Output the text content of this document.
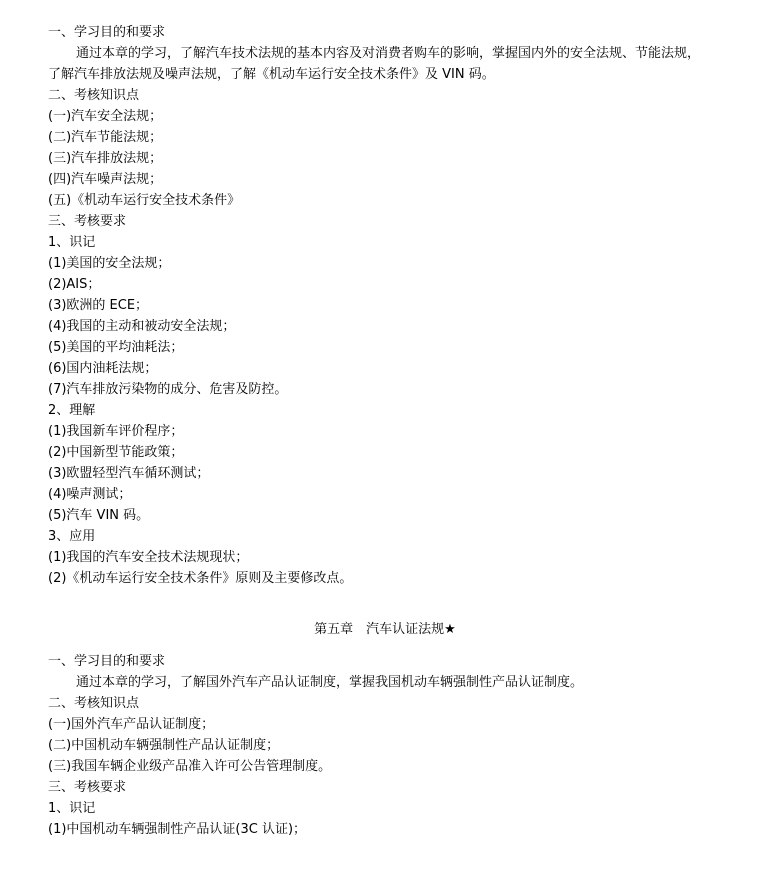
一、学习目的和要求
通过本章的学习，了解汽车技术法规的基本内容及对消费者购车的影响，掌握国内外的安全法规、节能法规，
了解汽车排放法规及噪声法规，了解《机动车运行安全技术条件》及 VIN 码。
二、考核知识点
(一)汽车安全法规；
(二)汽车节能法规；
(三)汽车排放法规；
(四)汽车噪声法规；
(五)《机动车运行安全技术条件》
三、考核要求
1、识记
(1)美国的安全法规；
(2)AIS；
(3)欧洲的 ECE；
(4)我国的主动和被动安全法规；
(5)美国的平均油耗法；
(6)国内油耗法规；
(7)汽车排放污染物的成分、危害及防控。
2、理解
(1)我国新车评价程序；
(2)中国新型节能政策；
(3)欧盟轻型汽车循环测试；
(4)噪声测试；
(5)汽车 VIN 码。
3、应用
(1)我国的汽车安全技术法规现状；
(2)《机动车运行安全技术条件》原则及主要修改点。
第五章　汽车认证法规★
一、学习目的和要求
通过本章的学习，了解国外汽车产品认证制度，掌握我国机动车辆强制性产品认证制度。
二、考核知识点
(一)国外汽车产品认证制度；
(二)中国机动车辆强制性产品认证制度；
(三)我国车辆企业级产品准入许可公告管理制度。
三、考核要求
1、识记
(1)中国机动车辆强制性产品认证(3C 认证)；
